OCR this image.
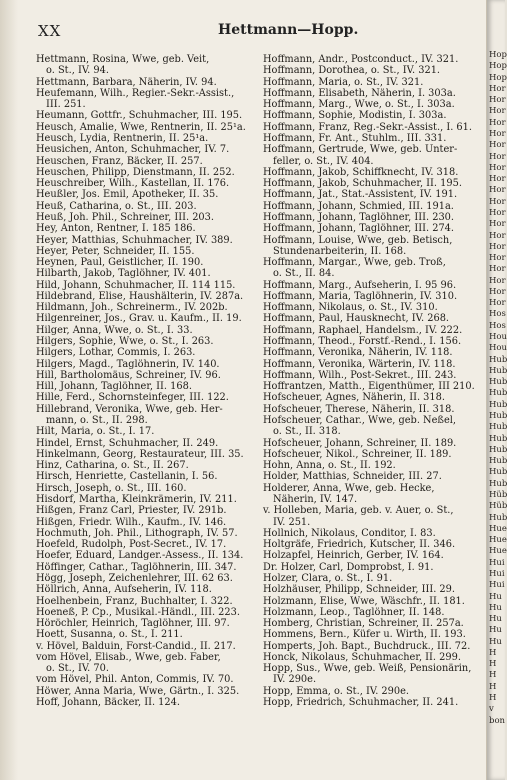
XX	Hettmann—Hopp.
Hettmann, Rosina, Wwe, geb. Veit,
o. St., IV. 94.
Hettmann, Barbara, Näherin, IV. 94.
Heufemann, Wilh., Regier.-Sekr.-Assist.,
III. 251.
Heumann, Gottfr., Schuhmacher, III. 195.
Heusch, Amalie, Wwe, Rentnerin, II. 25¹a.
Heusch, Lydia, Rentnerin, II. 25¹a.
Heusichen, Anton, Schuhmacher, IV. 7.
Heuschen, Franz, Bäcker, II. 257.
Heuschen, Philipp, Dienstmann, II. 252.
Heuschreiber, Wilh., Kastellan, II. 176.
Heußler, Jos. Emil, Apotheker, II. 35.
Heuß, Catharina, o. St., III. 203.
Heuß, Joh. Phil., Schreiner, III. 203.
Hey, Anton, Rentner, I. 185 186.
Heyer, Matthias, Schuhmacher, IV. 389.
Heyer, Peter, Schneider, II. 155.
Heynen, Paul, Geistlicher, II. 190.
Hilbarth, Jakob, Taglöhner, IV. 401.
Hild, Johann, Schuhmacher, II. 114 115.
Hildebrand, Elise, Haushälterin, IV. 287a.
Hildmann, Joh., Schreinerm., IV. 202b.
Hilgenreiner, Jos., Grav. u. Kaufm., II. 19.
Hilger, Anna, Wwe, o. St., I. 33.
Hilgers, Sophie, Wwe, o. St., I. 263.
Hilgers, Lothar, Commis, I. 263.
Hilgers, Magd., Taglöhnerin, IV. 140.
Hill, Bartholomäus, Schreiner, IV. 96.
Hill, Johann, Taglöhner, II. 168.
Hille, Ferd., Schornsteinfeger, III. 122.
Hillebrand, Veronika, Wwe, geb. Her-
mann, o. St., II. 298.
Hilt, Maria, o. St., I. 17.
Hindel, Ernst, Schuhmacher, II. 249.
Hinkelmann, Georg, Restaurateur, III. 35.
Hinz, Catharina, o. St., II. 267.
Hirsch, Henriette, Castellanin, I. 56.
Hirsch, Joseph, o. St., III. 160.
Hisdorf, Martha, Kleinkrämerin, IV. 211.
Hißgen, Franz Carl, Priester, IV. 291b.
Hißgen, Friedr. Wilh., Kaufm., IV. 146.
Hochmuth, Joh. Phil., Lithograph, IV. 57.
Hoefeld, Rudolph, Post-Secret., IV. 17.
Hoefer, Eduard, Landger.-Assess., II. 134.
Höffinger, Cathar., Taglöhnerin, III. 347.
Högg, Joseph, Zeichenlehrer, III. 62 63.
Höllrich, Anna, Aufseherin, IV. 118.
Hoelhenbein, Franz, Buchhalter, I. 322.
Hoeneß, P. Cp., Musikal.-Händl., III. 223.
Höröchler, Heinrich, Taglöhner, III. 97.
Hoett, Susanna, o. St., I. 211.
v. Hövel, Balduin, Forst-Candid., II. 217.
vom Hövel, Elisab., Wwe, geb. Faber,
o. St., IV. 70.
vom Hövel, Phil. Anton, Commis, IV. 70.
Höwer, Anna Maria, Wwe, Gärtn., I. 325.
Hoff, Johann, Bäcker, II. 124.
Hoffmann, Andr., Postconduct., IV. 321.
Hoffmann, Dorothea, o. St., IV. 321.
Hoffmann, Maria, o. St., IV. 321.
Hoffmann, Elisabeth, Näherin, I. 303a.
Hoffmann, Marg., Wwe, o. St., I. 303a.
Hoffmann, Sophie, Modistin, I. 303a.
Hoffmann, Franz, Reg.-Sekr.-Assist., I. 61.
Hoffmann, Fr. Ant., Stuhlm., III. 331.
Hoffmann, Gertrude, Wwe, geb. Unter-
feller, o. St., IV. 404.
Hoffmann, Jakob, Schiffknecht, IV. 318.
Hoffmann, Jakob, Schuhmacher, II. 195.
Hoffmann, Jat., Stat.-Assistent, IV. 191.
Hoffmann, Johann, Schmied, III. 191a.
Hoffmann, Johann, Taglöhner, III. 230.
Hoffmann, Johann, Taglöhner, III. 274.
Hoffmann, Louise, Wwe, geb. Betisch,
Stundenarbeiterin, II. 168.
Hoffmann, Margar., Wwe, geb. Troß,
o. St., II. 84.
Hoffmann, Marg., Aufseherin, I. 95 96.
Hoffmann, Maria, Taglöhnerin, IV. 310.
Hoffmann, Nikolaus, o. St., IV. 310.
Hoffmann, Paul, Hausknecht, IV. 268.
Hoffmann, Raphael, Handelsm., IV. 222.
Hoffmann, Theod., Forstf.-Rend., I. 156.
Hoffmann, Veronika, Näherin, IV. 118.
Hoffmann, Veronika, Wärterin, IV. 118.
Hoffmann, Wilh., Post-Sekret., III. 243.
Hoffrantzen, Matth., Eigenthümer, III 210.
Hofscheuer, Agnes, Näherin, II. 318.
Hofscheuer, Therese, Näherin, II. 318.
Hofscheuer, Cathar., Wwe, geb. Neßel,
o. St., II. 318.
Hofscheuer, Johann, Schreiner, II. 189.
Hofscheuer, Nikol., Schreiner, II. 189.
Hohn, Anna, o. St., II. 192.
Holder, Matthias, Schneider, III. 27.
Holderer, Anna, Wwe, geb. Hecke,
Näherin, IV. 147.
v. Holleben, Maria, geb. v. Auer, o. St.,
IV. 251.
Hollnich, Nikolaus, Conditor, I. 83.
Holtgräfe, Friedrich, Kutscher, II. 346.
Holzapfel, Heinrich, Gerber, IV. 164.
Dr. Holzer, Carl, Domprobst, I. 91.
Holzer, Clara, o. St., I. 91.
Holzhäuser, Philipp, Schneider, III. 29.
Holzmann, Elise, Wwe, Wäschfr., II. 181.
Holzmann, Leop., Taglöhner, II. 148.
Homberg, Christian, Schreiner, II. 257a.
Hommens, Bern., Küfer u. Wirth, II. 193.
Homperts, Joh. Bapt., Buchdruck., III. 72.
Honck, Nikolaus, Schuhmacher, II. 299.
Hopp, Sus., Wwe, geb. Weiß, Pensionärin,
IV. 290e.
Hopp, Emma, o. St., IV. 290e.
Hopp, Friedrich, Schuhmacher, II. 241.
Hop
Hop
Hop
Hor
Hor
Hor
Hor
Hor
Hor
Hor
Hor
Hor
Hor
Hor
Hor
Hor
Hor
Hor
Hor
Hor
Hor
Hor
Hor
Hos
Hos
Hou
Hou
Hub
Hub
Hub
Hub
Hub
Hub
Hub
Hub
Hub
Hub
Hub
Hub
Hüb
Hüb
Hub
Hue
Hue
Hue
Hui
Hui
Hui
Hu
Hu
Hu
Hu
Hu
H
H
H
H
H
v
bon
